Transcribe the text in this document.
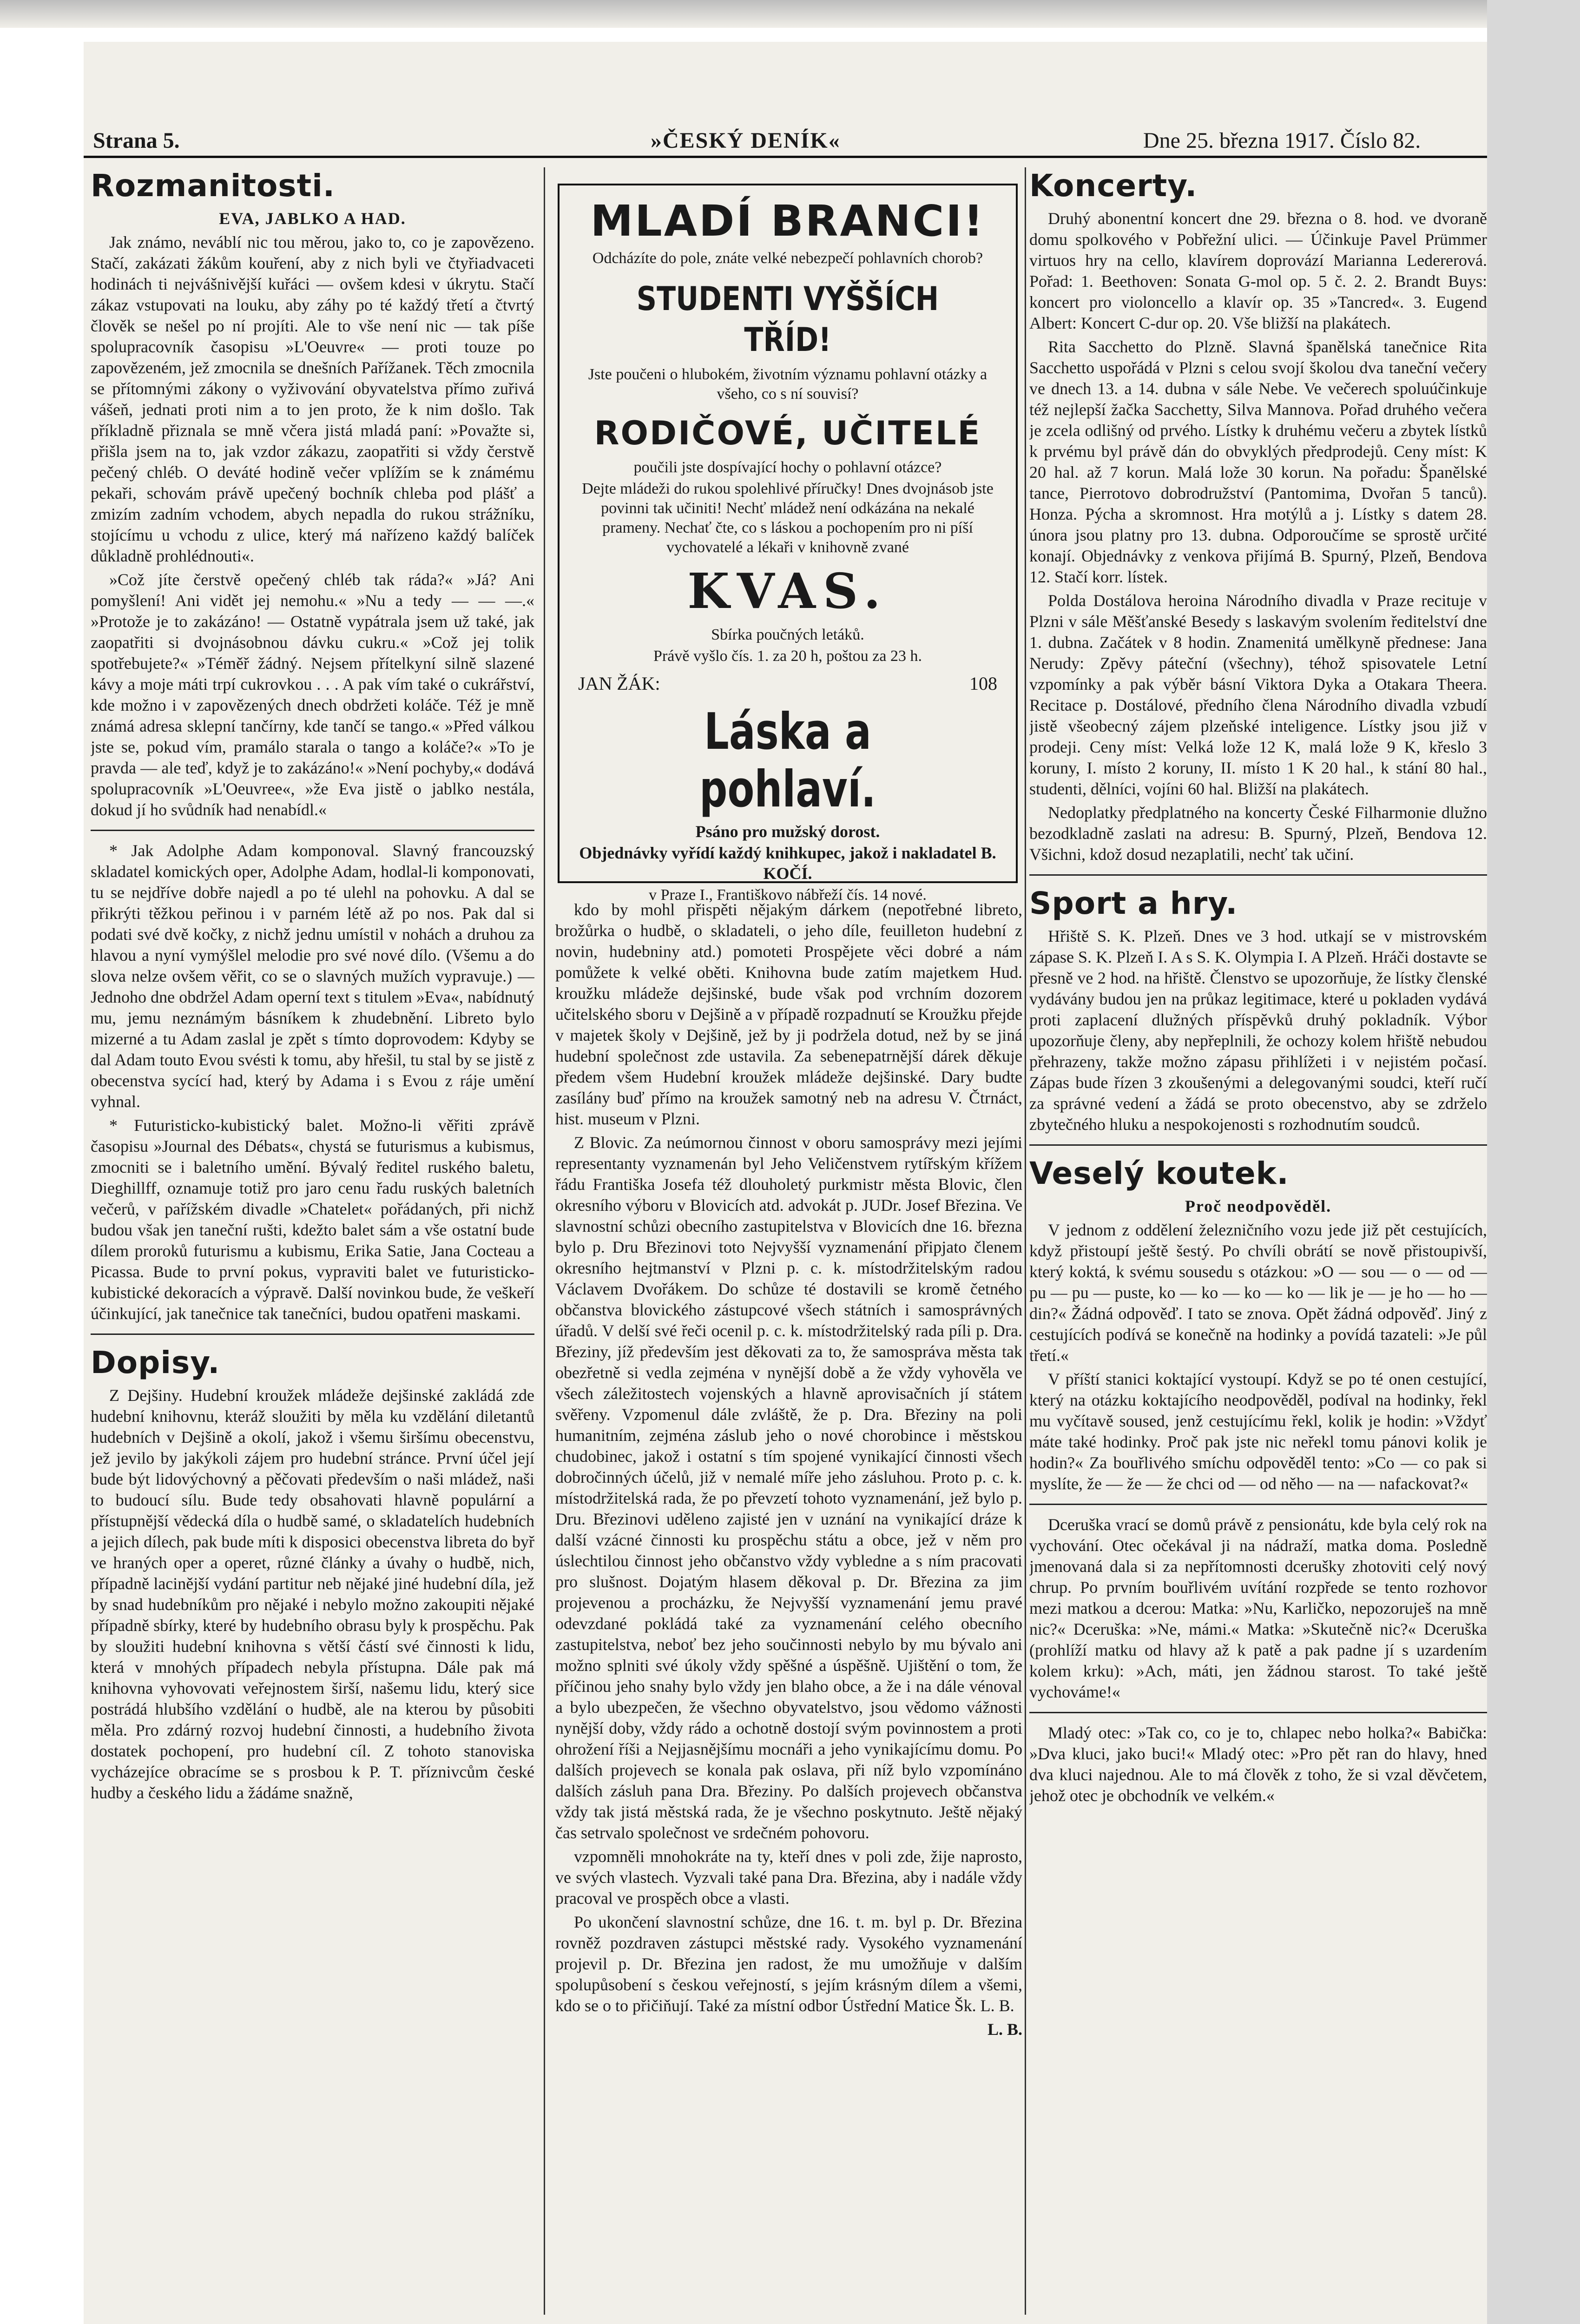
Strana 5.	»ČESKÝ DENÍK«	Dne 25. března 1917. Číslo 82.
Rozmanitosti.
EVA, JABLKO A HAD.

Jak známo, neváblí nic tou měrou, jako to, co je zapovězeno. Stačí, zakázati žákům kouření, aby z nich byli ve čtyřiadvaceti hodinách ti nejvášnivější kuřáci — ovšem kdesi v úkrytu. Stačí zákaz vstupovati na louku, aby záhy po té každý třetí a čtvrtý člověk se nešel po ní projíti. Ale to vše není nic — tak píše spolupracovník časopisu »L'Oeuvre« — proti touze po zapovězeném, jež zmocnila se dnešních Pařížanek. Těch zmocnila se přítomnými zákony o vyživování obyvatelstva přímo zuřivá vášeň, jednati proti nim a to jen proto, že k nim došlo. Tak příkladně přiznala se mně včera jistá mladá paní: »Považte si, přišla jsem na to, jak vzdor zákazu, zaopatřiti si vždy čerstvě pečený chléb. O deváté hodině večer vplížím se k známému pekaři, schovám právě upečený bochník chleba pod plášť a zmizím zadním vchodem, abych nepadla do rukou strážníku, stojícímu u vchodu z ulice, který má nařízeno každý balíček důkladně prohlédnouti«.

»Což jíte čerstvě opečený chléb tak ráda?« »Já? Ani pomyšlení! Ani vidět jej nemohu.« »Nu a tedy — — —.« »Protože je to zakázáno! — Ostatně vypátrala jsem už také, jak zaopatřiti si dvojnásobnou dávku cukru.« »Což jej tolik spotřebujete?« »Téměř žádný. Nejsem přítelkyní silně slazené kávy a moje máti trpí cukrovkou . . . A pak vím také o cukrářství, kde možno i v zapovězených dnech obdržeti koláče. Též je mně známá adresa sklepní tančírny, kde tančí se tango.« »Před válkou jste se, pokud vím, pramálo starala o tango a koláče?« »To je pravda — ale teď, když je to zakázáno!« »Není pochyby,« dodává spolupracovník »L'Oeuvree«, »že Eva jistě o jablko nestála, dokud jí ho svůdník had nenabídl.«

* Jak Adolphe Adam komponoval. Slavný francouzský skladatel komických oper, Adolphe Adam, hodlal-li komponovati, tu se nejdříve dobře najedl a po té ulehl na pohovku. A dal se přikrýti těžkou peřinou i v parném létě až po nos. Pak dal si podati své dvě kočky, z nichž jednu umístil v nohách a druhou za hlavou a nyní vymýšlel melodie pro své nové dílo. (Všemu a do slova nelze ovšem věřit, co se o slavných mužích vypravuje.) — Jednoho dne obdržel Adam operní text s titulem »Eva«, nabídnutý mu, jemu neznámým básníkem k zhudebnění. Libreto bylo mizerné a tu Adam zaslal je zpět s tímto doprovodem: Kdyby se dal Adam touto Evou svésti k tomu, aby hřešil, tu stal by se jistě z obecenstva sycící had, který by Adama i s Evou z ráje umění vyhnal.

* Futuristicko-kubistický balet. Možno-li věřiti zprávě časopisu »Journal des Débats«, chystá se futurismus a kubismus, zmocniti se i baletního umění. Bývalý ředitel ruského baletu, Dieghillff, oznamuje totiž pro jaro cenu řadu ruských baletních večerů, v pařížském divadle »Chatelet« pořádaných, při nichž budou však jen taneční rušti, kdežto balet sám a vše ostatní bude dílem proroků futurismu a kubismu, Erika Satie, Jana Cocteau a Picassa. Bude to první pokus, vypraviti balet ve futuristicko-kubistické dekoracích a výpravě. Další novinkou bude, že veškeří účinkující, jak tanečnice tak tanečníci, budou opatřeni maskami.

Dopisy.

Z Dejšiny. Hudební kroužek mládeže dejšinské zakládá zde hudební knihovnu, kteráž sloužiti by měla ku vzdělání diletantů hudebních v Dejšině a okolí, jakož i všemu širšímu obecenstvu, jež jevilo by jakýkoli zájem pro hudební stránce. První účel její bude být lidovýchovný a pěčovati především o naši mládež, naši to budoucí sílu. Bude tedy obsahovati hlavně populární a přístupnější vědecká díla o hudbě samé, o skladatelích hudebních a jejich dílech, pak bude míti k disposici obecenstva libreta do byř ve hraných oper a operet, různé články a úvahy o hudbě, nich, případně lacinější vydání partitur neb nějaké jiné hudební díla, jež by snad hudebníkům pro nějaké i nebylo možno zakoupiti nějaké případně sbírky, které by hudebního obrasu byly k prospěchu. Pak by sloužiti hudební knihovna s větší částí své činnosti k lidu, která v mnohých případech nebyla přístupna. Dále pak má knihovna vyhovovati veřejnostem širší, našemu lidu, který sice postrádá hlubšího vzdělání o hudbě, ale na kterou by působiti měla. Pro zdárný rozvoj hudební činnosti, a hudebního života dostatek pochopení, pro hudební cíl. Z tohoto stanoviska vycházejíce obracíme se s prosbou k P. T. příznivcům české hudby a českého lidu a žádáme snažně,

MLADÍ BRANCI!
Odcházíte do pole, znáte velké nebezpečí pohlavních chorob?
STUDENTI VYŠŠÍCH TŘÍD!
Jste poučeni o hlubokém, životním významu pohlavní otázky a všeho, co s ní souvisí?
RODIČOVÉ, UČITELÉ
poučili jste dospívající hochy o pohlavní otázce?
Dejte mládeži do rukou spolehlivé příručky! Dnes dvojnásob jste povinni tak učiniti! Nechť mládež není odkázána na nekalé prameny. Nechať čte, co s láskou a pochopením pro ni píší vychovatelé a lékaři v knihovně zvané
KVAS.
Sbírka poučných letáků.
Právě vyšlo čís. 1. za 20 h, poštou za 23 h.
JAN ŽÁK:	108
Láska a pohlaví.
Psáno pro mužský dorost.
Objednávky vyřídí každý knihkupec, jakož i nakladatel B. KOČÍ.
v Praze I., Františkovo nábřeží čís. 14 nové.

kdo by mohl přispěti nějakým dárkem (nepotřebné libreto, brožůrka o hudbě, o skladateli, o jeho díle, feuilleton hudební z novin, hudebniny atd.) pomoteti Prospějete věci dobré a nám pomůžete k velké oběti. Knihovna bude zatím majetkem Hud. kroužku mládeže dejšinské, bude však pod vrchním dozorem učitelského sboru v Dejšině a v případě rozpadnutí se Kroužku přejde v majetek školy v Dejšině, jež by ji podržela dotud, než by se jiná hudební společnost zde ustavila. Za sebenepatrnější dárek děkuje předem všem Hudební kroužek mládeže dejšinské. Dary budte zasílány buď přímo na kroužek samotný neb na adresu V. Čtrnáct, hist. museum v Plzni.

Z Blovic. Za neúmornou činnost v oboru samosprávy mezi jejími representanty vyznamenán byl Jeho Veličenstvem rytířským křížem řádu Františka Josefa též dlouholetý purkmistr města Blovic, člen okresního výboru v Blovicích atd. advokát p. JUDr. Josef Březina. Ve slavnostní schůzi obecního zastupitelstva v Blovicích dne 16. března bylo p. Dru Březinovi toto Nejvyšší vyznamenání připjato členem okresního hejtmanství v Plzni p. c. k. místodržitelským radou Václavem Dvořákem. Do schůze té dostavili se kromě četného občanstva blovického zástupcové všech státních i samosprávných úřadů. V delší své řeči ocenil p. c. k. místodržitelský rada píli p. Dra. Březiny, jíž především jest děkovati za to, že samospráva města tak obezřetně si vedla zejména v nynější době a že vždy vyhověla ve všech záležitostech vojenských a hlavně aprovisačních jí státem svěřeny. Vzpomenul dále zvláště, že p. Dra. Březiny na poli humanitním, zejména záslub jeho o nové chorobince i městskou chudobinec, jakož i ostatní s tím spojené vynikající činnosti všech dobročinných účelů, již v nemalé míře jeho zásluhou. Proto p. c. k. místodržitelská rada, že po převzetí tohoto vyznamenání, jež bylo p. Dru. Březinovi uděleno zajisté jen v uznání na vynikající dráze k další vzácné činnosti ku prospěchu státu a obce, jež v něm pro úslechtilou činnost jeho občanstvo vždy vybledne a s ním pracovati pro slušnost. Dojatým hlasem děkoval p. Dr. Březina za jim projevenou a procházku, že Nejvyšší vyznamenání jemu pravé odevzdané pokládá také za vyznamenání celého obecního zastupitelstva, neboť bez jeho součinnosti nebylo by mu bývalo ani možno splniti své úkoly vždy spěšné a úspěšně. Ujištění o tom, že příčinou jeho snahy bylo vždy jen blaho obce, a že i na dále vénoval a bylo ubezpečen, že všechno obyvatelstvo, jsou vědomo vážnosti nynější doby, vždy rádo a ochotně dostojí svým povinnostem a proti ohrožení říši a Nejjasnějšímu mocnáři a jeho vynikajícímu domu. Po dalších projevech se konala pak oslava, při níž bylo vzpomínáno dalších zásluh pana Dra. Březiny. Po dalších projevech občanstva vždy tak jistá městská rada, že je všechno poskytnuto. Ještě nějaký čas setrvalo společnost ve srdečném pohovoru.

vzpomněli mnohokráte na ty, kteří dnes v poli zde, žije naprosto, ve svých vlastech. Vyzvali také pana Dra. Březina, aby i nadále vždy pracoval ve prospěch obce a vlasti.

Po ukončení slavnostní schůze, dne 16. t. m. byl p. Dr. Březina rovněž pozdraven zástupci městské rady. Vysokého vyznamenání projevil p. Dr. Březina jen radost, že mu umožňuje v dalším spolupůsobení s českou veřejností, s jejím krásným dílem a všemi, kdo se o to přičiňují. Také za místní odbor Ústřední Matice Šk. L. B.

L. B.
Koncerty.

Druhý abonentní koncert dne 29. března o 8. hod. ve dvoraně domu spolkového v Pobřežní ulici. — Účinkuje Pavel Prümmer virtuos hry na cello, klavírem doprovází Marianna Ledererová. Pořad: 1. Beethoven: Sonata G-mol op. 5 č. 2. 2. Brandt Buys: koncert pro violoncello a klavír op. 35 »Tancred«. 3. Eugend Albert: Koncert C-dur op. 20. Vše bližší na plakátech.

Rita Sacchetto do Plzně. Slavná španělská tanečnice Rita Sacchetto uspořádá v Plzni s celou svojí školou dva taneční večery ve dnech 13. a 14. dubna v sále Nebe. Ve večerech spoluúčinkuje též nejlepší žačka Sacchetty, Silva Mannova. Pořad druhého večera je zcela odlišný od prvého. Lístky k druhému večeru a zbytek lístků k prvému byl právě dán do obvyklých předprodejů. Ceny míst: K 20 hal. až 7 korun. Malá lože 30 korun. Na pořadu: Španělské tance, Pierrotovo dobrodružství (Pantomima, Dvořan 5 tanců). Honza. Pýcha a skromnost. Hra motýlů a j. Lístky s datem 28. února jsou platny pro 13. dubna. Odporoučíme se sprostě určité konají. Objednávky z venkova přijímá B. Spurný, Plzeň, Bendova 12. Stačí korr. lístek.

Polda Dostálova heroina Národního divadla v Praze recituje v Plzni v sále Měšťanské Besedy s laskavým svolením ředitelství dne 1. dubna. Začátek v 8 hodin. Znamenitá umělkyně přednese: Jana Nerudy: Zpěvy páteční (všechny), téhož spisovatele Letní vzpomínky a pak výběr básní Viktora Dyka a Otakara Theera. Recitace p. Dostálové, předního člena Národního divadla vzbudí jistě všeobecný zájem plzeňské inteligence. Lístky jsou již v prodeji. Ceny míst: Velká lože 12 K, malá lože 9 K, křeslo 3 koruny, I. místo 2 koruny, II. místo 1 K 20 hal., k stání 80 hal., studenti, dělníci, vojíni 60 hal. Bližší na plakátech.

Nedoplatky předplatného na koncerty České Filharmonie dlužno bezodkladně zaslati na adresu: B. Spurný, Plzeň, Bendova 12. Všichni, kdož dosud nezaplatili, nechť tak učiní.

Sport a hry.

Hřiště S. K. Plzeň. Dnes ve 3 hod. utkají se v mistrovském zápase S. K. Plzeň I. A s S. K. Olympia I. A Plzeň. Hráči dostavte se přesně ve 2 hod. na hřiště. Členstvo se upozorňuje, že lístky členské vydávány budou jen na průkaz legitimace, které u pokladen vydává proti zaplacení dlužných příspěvků druhý pokladník. Výbor upozorňuje členy, aby nepřeplnili, že ochozy kolem hřiště nebudou přehrazeny, takže možno zápasu přihlížeti i v nejistém počasí. Zápas bude řízen 3 zkoušenými a delegovanými soudci, kteří ručí za správné vedení a žádá se proto obecenstvo, aby se zdrželo zbytečného hluku a nespokojenosti s rozhodnutím soudců.

Veselý koutek.
Proč neodpověděl.

V jednom z oddělení železničního vozu jede již pět cestujících, když přistoupí ještě šestý. Po chvíli obrátí se nově přistoupivší, který koktá, k svému sousedu s otázkou: »O — sou — o — od — pu — pu — puste, ko — ko — ko — ko — lik je — je ho — ho — din?« Žádná odpověď. I tato se znova. Opět žádná odpověď. Jiný z cestujících podívá se konečně na hodinky a povídá tazateli: »Je půl třetí.«

V příští stanici koktající vystoupí. Když se po té onen cestující, který na otázku koktajícího neodpověděl, podíval na hodinky, řekl mu vyčítavě soused, jenž cestujícímu řekl, kolik je hodin: »Vždyť máte také hodinky. Proč pak jste nic neřekl tomu pánovi kolik je hodin?« Za bouřlivého smíchu odpověděl tento: »Co — co pak si myslíte, že — že — že chci od — od něho — na — nafackovat?«

Dceruška vrací se domů právě z pensionátu, kde byla celý rok na vychování. Otec očekával ji na nádraží, matka doma. Posledně jmenovaná dala si za nepřítomnosti dcerušky zhotoviti celý nový chrup. Po prvním bouřlivém uvítání rozpřede se tento rozhovor mezi matkou a dcerou: Matka: »Nu, Karličko, nepozoruješ na mně nic?« Dceruška: »Ne, mámi.« Matka: »Skutečně nic?« Dceruška (prohlíží matku od hlavy až k patě a pak padne jí s uzardením kolem krku): »Ach, máti, jen žádnou starost. To také ještě vychováme!«

Mladý otec: »Tak co, co je to, chlapec nebo holka?« Babička: »Dva kluci, jako buci!« Mladý otec: »Pro pět ran do hlavy, hned dva kluci najednou. Ale to má člověk z toho, že si vzal děvčetem, jehož otec je obchodník ve velkém.«
